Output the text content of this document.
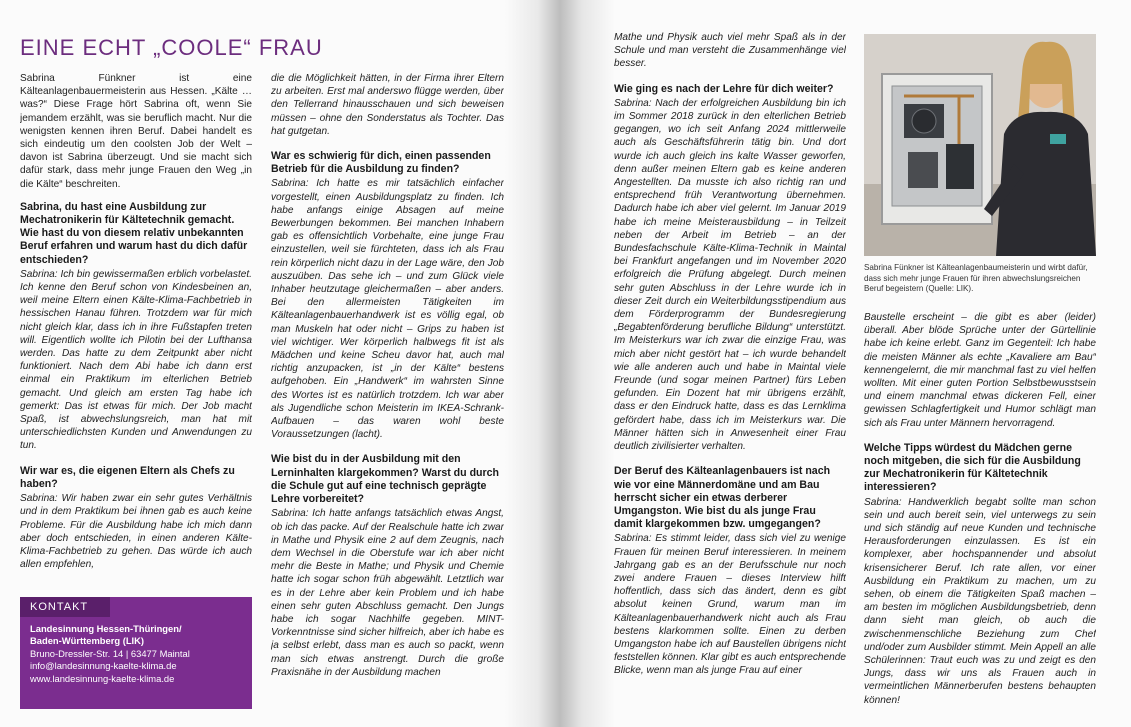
EINE ECHT „COOLE“ FRAU

Sabrina Fünkner ist eine Kälteanlagenbauermeisterin aus Hessen. „Kälte …was?“ Diese Frage hört Sabrina oft, wenn Sie jemandem erzählt, was sie beruflich macht. Nur die wenigsten kennen ihren Beruf. Dabei handelt es sich eindeutig um den coolsten Job der Welt – davon ist Sabrina überzeugt. Und sie macht sich dafür stark, dass mehr junge Frauen den Weg „in die Kälte“ beschreiten.

Sabrina, du hast eine Ausbildung zur Mechatronikerin für Kältetechnik gemacht. Wie hast du von diesem relativ unbekannten Beruf erfahren und warum hast du dich dafür entschieden?

Sabrina: Ich bin gewissermaßen erblich vorbelastet. Ich kenne den Beruf schon von Kindesbeinen an, weil meine Eltern einen Kälte-Klima-Fachbetrieb in hessischen Hanau führen. Trotzdem war für mich nicht gleich klar, dass ich in ihre Fußstapfen treten will. Eigentlich wollte ich Pilotin bei der Lufthansa werden. Das hatte zu dem Zeitpunkt aber nicht funktioniert. Nach dem Abi habe ich dann erst einmal ein Praktikum im elterlichen Betrieb gemacht. Und gleich am ersten Tag habe ich gemerkt: Das ist etwas für mich. Der Job macht Spaß, ist abwechslungsreich, man hat mit unterschiedlichsten Kunden und Anwendungen zu tun.

Wir war es, die eigenen Eltern als Chefs zu haben?

Sabrina: Wir haben zwar ein sehr gutes Verhältnis und in dem Praktikum bei ihnen gab es auch keine Probleme. Für die Ausbildung habe ich mich dann aber doch entschieden, in einen anderen Kälte-Klima-Fachbetrieb zu gehen. Das würde ich auch allen empfehlen,

KONTAKT
Landesinnung Hessen-Thüringen/
Baden-Württemberg (LIK)
Bruno-Dressler-Str. 14 | 63477 Maintal
info@landesinnung-kaelte-klima.de
www.landesinnung-kaelte-klima.de

die die Möglichkeit hätten, in der Firma ihrer Eltern zu arbeiten. Erst mal anderswo flügge werden, über den Tellerrand hinausschauen und sich beweisen müssen – ohne den Sonderstatus als Tochter. Das hat gutgetan.

War es schwierig für dich, einen passenden Betrieb für die Ausbildung zu finden?

Sabrina: Ich hatte es mir tatsächlich einfacher vorgestellt, einen Ausbildungsplatz zu finden. Ich habe anfangs einige Absagen auf meine Bewerbungen bekommen. Bei manchen Inhabern gab es offensichtlich Vorbehalte, eine junge Frau einzustellen, weil sie fürchteten, dass ich als Frau rein körperlich nicht dazu in der Lage wäre, den Job auszuüben. Das sehe ich – und zum Glück viele Inhaber heutzutage gleichermaßen – aber anders. Bei den allermeisten Tätigkeiten im Kälteanlagenbauerhandwerk ist es völlig egal, ob man Muskeln hat oder nicht – Grips zu haben ist viel wichtiger. Wer körperlich halbwegs fit ist als Mädchen und keine Scheu davor hat, auch mal richtig anzupacken, ist „in der Kälte“ bestens aufgehoben. Ein „Handwerk“ im wahrsten Sinne des Wortes ist es natürlich trotzdem. Ich war aber als Jugendliche schon Meisterin im IKEA-Schrank-Aufbauen – das waren wohl beste Voraussetzungen (lacht).

Wie bist du in der Ausbildung mit den Lerninhalten klargekommen? Warst du durch die Schule gut auf eine technisch geprägte Lehre vorbereitet?

Sabrina: Ich hatte anfangs tatsächlich etwas Angst, ob ich das packe. Auf der Realschule hatte ich zwar in Mathe und Physik eine 2 auf dem Zeugnis, nach dem Wechsel in die Oberstufe war ich aber nicht mehr die Beste in Mathe; und Physik und Chemie hatte ich sogar schon früh abgewählt. Letztlich war es in der Lehre aber kein Problem und ich habe einen sehr guten Abschluss gemacht. Den Jungs habe ich sogar Nachhilfe gegeben. MINT-Vorkenntnisse sind sicher hilfreich, aber ich habe es ja selbst erlebt, dass man es auch so packt, wenn man sich etwas anstrengt. Durch die große Praxisnähe in der Ausbildung machen

Mathe und Physik auch viel mehr Spaß als in der Schule und man versteht die Zusammenhänge viel besser.

Wie ging es nach der Lehre für dich weiter?

Sabrina: Nach der erfolgreichen Ausbildung bin ich im Sommer 2018 zurück in den elterlichen Betrieb gegangen, wo ich seit Anfang 2024 mittlerweile auch als Geschäftsführerin tätig bin. Und dort wurde ich auch gleich ins kalte Wasser geworfen, denn außer meinen Eltern gab es keine anderen Angestellten. Da musste ich also richtig ran und entsprechend früh Verantwortung übernehmen. Dadurch habe ich aber viel gelernt. Im Januar 2019 habe ich meine Meisterausbildung – in Teilzeit neben der Arbeit im Betrieb – an der Bundesfachschule Kälte-Klima-Technik in Maintal bei Frankfurt angefangen und im November 2020 erfolgreich die Prüfung abgelegt. Durch meinen sehr guten Abschluss in der Lehre wurde ich in dieser Zeit durch ein Weiterbildungsstipendium aus dem Förderprogramm der Bundesregierung „Begabtenförderung berufliche Bildung“ unterstützt. Im Meisterkurs war ich zwar die einzige Frau, was mich aber nicht gestört hat – ich wurde behandelt wie alle anderen auch und habe in Maintal viele Freunde (und sogar meinen Partner) fürs Leben gefunden. Ein Dozent hat mir übrigens erzählt, dass er den Eindruck hatte, dass es das Lernklima gefördert habe, dass ich im Meisterkurs war. Die Männer hätten sich in Anwesenheit einer Frau deutlich zivilisierter verhalten.

Der Beruf des Kälteanlagenbauers ist nach wie vor eine Männerdomäne und am Bau herrscht sicher ein etwas derberer Umgangston. Wie bist du als junge Frau damit klargekommen bzw. umgegangen?

Sabrina: Es stimmt leider, dass sich viel zu wenige Frauen für meinen Beruf interessieren. In meinem Jahrgang gab es an der Berufsschule nur noch zwei andere Frauen – dieses Interview hilft hoffentlich, dass sich das ändert, denn es gibt absolut keinen Grund, warum man im Kälteanlagenbauerhandwerk nicht auch als Frau bestens klarkommen sollte. Einen zu derben Umgangston habe ich auf Baustellen übrigens nicht feststellen können. Klar gibt es auch entsprechende Blicke, wenn man als junge Frau auf einer

Sabrina Fünkner ist Kälteanlagenbaumeisterin und wirbt dafür, dass sich mehr junge Frauen für ihren abwechslungsreichen Beruf begeistern (Quelle: LIK).

Baustelle erscheint – die gibt es aber (leider) überall. Aber blöde Sprüche unter der Gürtellinie habe ich keine erlebt. Ganz im Gegenteil: Ich habe die meisten Männer als echte „Kavaliere am Bau“ kennengelernt, die mir manchmal fast zu viel helfen wollten. Mit einer guten Portion Selbstbewusstsein und einem manchmal etwas dickeren Fell, einer gewissen Schlagfertigkeit und Humor schlägt man sich als Frau unter Männern hervorragend.

Welche Tipps würdest du Mädchen gerne noch mitgeben, die sich für die Ausbildung zur Mechatronikerin für Kältetechnik interessieren?

Sabrina: Handwerklich begabt sollte man schon sein und auch bereit sein, viel unterwegs zu sein und sich ständig auf neue Kunden und technische Herausforderungen einzulassen. Es ist ein komplexer, aber hochspannender und absolut krisensicherer Beruf. Ich rate allen, vor einer Ausbildung ein Praktikum zu machen, um zu sehen, ob einem die Tätigkeiten Spaß machen – am besten im möglichen Ausbildungsbetrieb, denn dann sieht man gleich, ob auch die zwischenmenschliche Beziehung zum Chef und/oder zum Ausbilder stimmt. Mein Appell an alle Schülerinnen: Traut euch was zu und zeigt es den Jungs, dass wir uns als Frauen auch in vermeintlichen Männerberufen bestens behaupten können!
